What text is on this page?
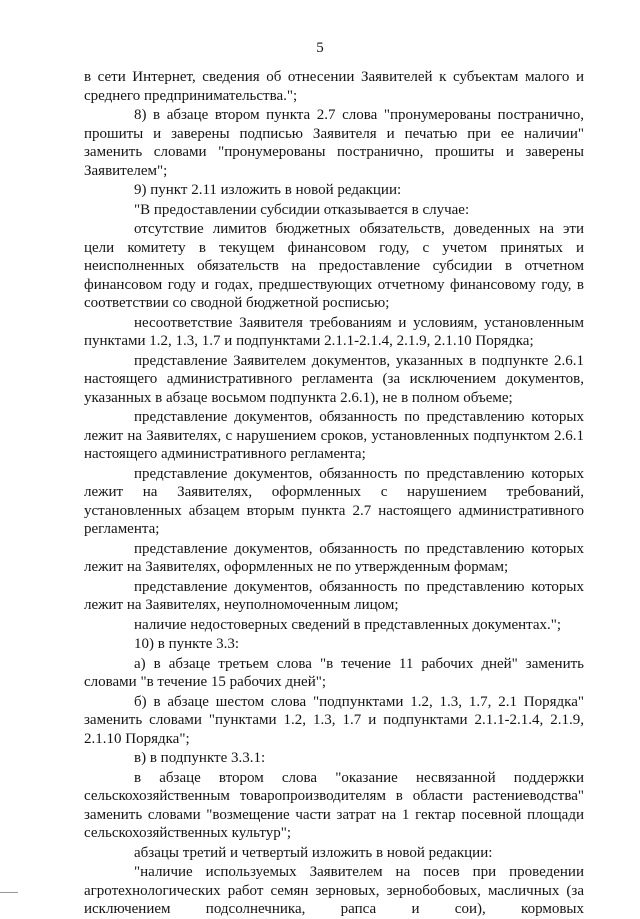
5

в сети Интернет, сведения об отнесении Заявителей к субъектам малого и среднего предпринимательства.";

8) в абзаце втором пункта 2.7 слова "пронумерованы постранично, прошиты и заверены подписью Заявителя и печатью при ее наличии" заменить словами "пронумерованы постранично, прошиты и заверены Заявителем";

9) пункт 2.11 изложить в новой редакции:

"В предоставлении субсидии отказывается в случае:

отсутствие лимитов бюджетных обязательств, доведенных на эти цели комитету в текущем финансовом году, с учетом принятых и неисполненных обязательств на предоставление субсидии в отчетном финансовом году и годах, предшествующих отчетному финансовому году, в соответствии со сводной бюджетной росписью;

несоответствие Заявителя требованиям и условиям, установленным пунктами 1.2, 1.3, 1.7 и подпунктами 2.1.1-2.1.4, 2.1.9, 2.1.10 Порядка;

представление Заявителем документов, указанных в подпункте 2.6.1 настоящего административного регламента (за исключением документов, указанных в абзаце восьмом подпункта 2.6.1), не в полном объеме;

представление документов, обязанность по представлению которых лежит на Заявителях, с нарушением сроков, установленных подпунктом 2.6.1 настоящего административного регламента;

представление документов, обязанность по представлению которых лежит на Заявителях, оформленных с нарушением требований, установленных абзацем вторым пункта 2.7 настоящего административного регламента;

представление документов, обязанность по представлению которых лежит на Заявителях, оформленных не по утвержденным формам;

представление документов, обязанность по представлению которых лежит на Заявителях, неуполномоченным лицом;

наличие недостоверных сведений в представленных документах.";

10) в пункте 3.3:

а) в абзаце третьем слова "в течение 11 рабочих дней" заменить словами "в течение 15 рабочих дней";

б) в абзаце шестом слова "подпунктами 1.2, 1.3, 1.7, 2.1 Порядка" заменить словами "пунктами 1.2, 1.3, 1.7 и подпунктами 2.1.1-2.1.4, 2.1.9, 2.1.10 Порядка";

в) в подпункте 3.3.1:

в абзаце втором слова "оказание несвязанной поддержки сельскохозяйственным товаропроизводителям в области растениеводства" заменить словами "возмещение части затрат на 1 гектар посевной площади сельскохозяйственных культур";

абзацы третий и четвертый изложить в новой редакции:

"наличие используемых Заявителем на посев при проведении агротехнологических работ семян зерновых, зернобобовых, масличных (за исключением подсолнечника, рапса и сои), кормовых
